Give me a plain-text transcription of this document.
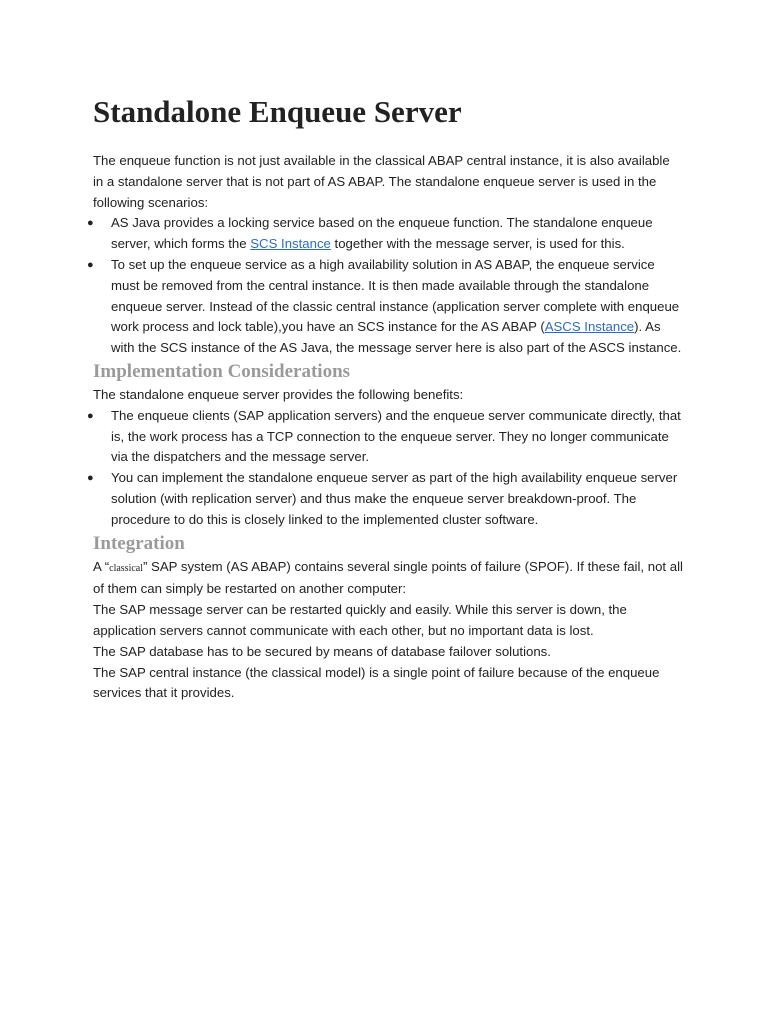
Standalone Enqueue Server

The enqueue function is not just available in the classical ABAP central instance, it is also available in a standalone server that is not part of AS ABAP. The standalone enqueue server is used in the following scenarios:

● AS Java provides a locking service based on the enqueue function. The standalone enqueue server, which forms the SCS Instance together with the message server, is used for this.
● To set up the enqueue service as a high availability solution in AS ABAP, the enqueue service must be removed from the central instance. It is then made available through the standalone enqueue server. Instead of the classic central instance (application server complete with enqueue work process and lock table),you have an SCS instance for the AS ABAP (ASCS Instance). As with the SCS instance of the AS Java, the message server here is also part of the ASCS instance.
Implementation Considerations

The standalone enqueue server provides the following benefits:

● The enqueue clients (SAP application servers) and the enqueue server communicate directly, that is, the work process has a TCP connection to the enqueue server. They no longer communicate via the dispatchers and the message server.
● You can implement the standalone enqueue server as part of the high availability enqueue server solution (with replication server) and thus make the enqueue server breakdown-proof. The procedure to do this is closely linked to the implemented cluster software.
Integration

A “classical” SAP system (AS ABAP) contains several single points of failure (SPOF). If these fail, not all of them can simply be restarted on another computer:

The SAP message server can be restarted quickly and easily. While this server is down, the application servers cannot communicate with each other, but no important data is lost.

The SAP database has to be secured by means of database failover solutions.

The SAP central instance (the classical model) is a single point of failure because of the enqueue services that it provides.
